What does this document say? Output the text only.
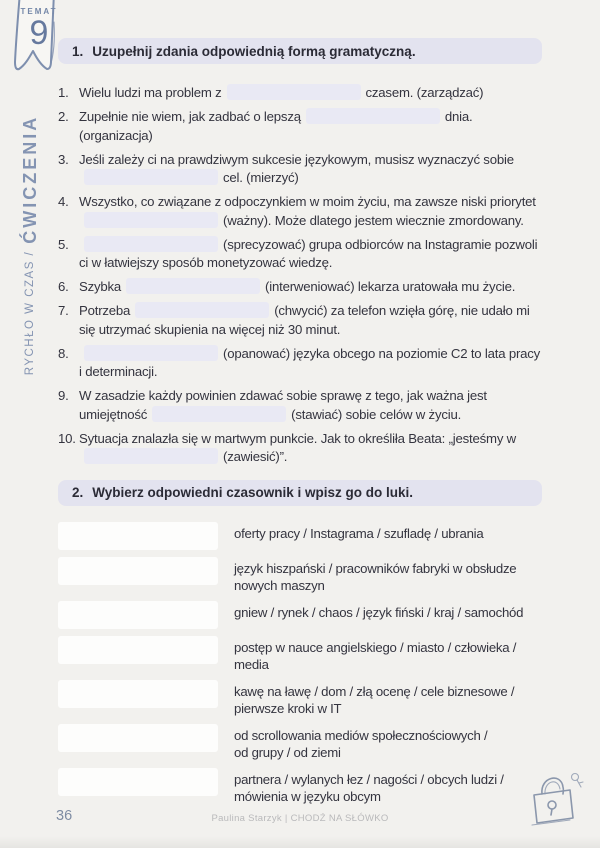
TEMAT
9
RYCHŁO W CZAS /
ĆWICZENIA
1. Uzupełnij zdania odpowiednią formą gramatyczną.
1. Wielu ludzi ma problem z	czasem. (zarządzać)
2. Zupełnie nie wiem, jak zadbać o lepszą	dnia. (organizacja)
3. Jeśli zależy ci na prawdziwym sukcesie językowym, musisz wyznaczyć sobiecel. (mierzyć)
4. Wszystko, co związane z odpoczynkiem w moim życiu, ma zawsze niski priorytet(ważny). Może dlatego jestem wiecznie zmordowany.
5.	(sprecyzować) grupa odbiorców na Instagramie pozwoli ci w łatwiejszy sposób monetyzować wiedzę.
6. Szybka	(interweniować) lekarza uratowała mu życie.
7. Potrzeba	(chwycić) za telefon wzięła górę, nie udało mi się utrzymać skupienia na więcej niż 30 minut.
8.	(opanować) języka obcego na poziomie C2 to lata pracy i determinacji.
9. W zasadzie każdy powinien zdawać sobie sprawę z tego, jak ważna jest umiejętność	(stawiać) sobie celów w życiu.
10. Sytuacja znalazła się w martwym punkcie. Jak to określiła Beata: „jesteśmy w(zawiesić)”.
2. Wybierz odpowiedni czasownik i wpisz go do luki.
oferty pracy / Instagrama / szufladę / ubrania
język hiszpański / pracowników fabryki w obsłudze
nowych maszyn
gniew / rynek / chaos / język fiński / kraj / samochód
postęp w nauce angielskiego / miasto / człowieka /
media
kawę na ławę / dom / złą ocenę / cele biznesowe /
pierwsze kroki w IT
od scrollowania mediów społecznościowych /
od grupy / od ziemi
partnera / wylanych łez / nagości / obcych ludzi /
mówienia w języku obcym
36	Paulina Starzyk | CHODŹ NA SŁÓWKO
